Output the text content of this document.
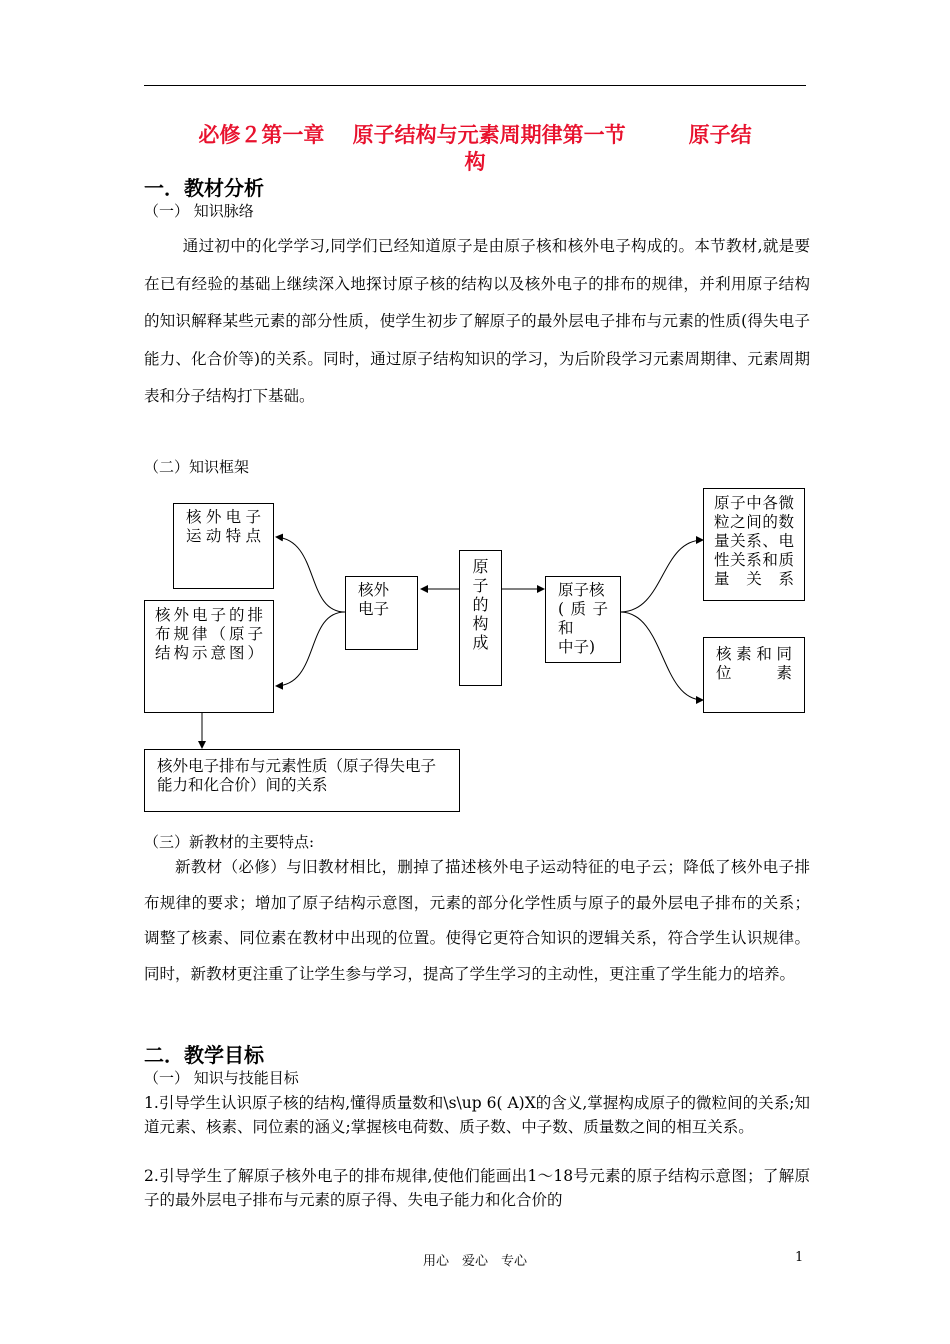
必修２第一章　 原子结构与元素周期律第一节　　　原子结
构
一．教材分析
（一） 知识脉络
通过初中的化学学习,同学们已经知道原子是由原子核和核外电子构成的。本节教材,就是要在已有经验的基础上继续深入地探讨原子核的结构以及核外电子的排布的规律，并利用原子结构的知识解释某些元素的部分性质，使学生初步了解原子的最外层电子排布与元素的性质(得失电子能力、化合价等)的关系。同时，通过原子结构知识的学习，为后阶段学习元素周期律、元素周期表和分子结构打下基础。
（二）知识框架
核外电子运动特点
核外电子的排布规律（原子结构示意图）
核外
电子
原
子
的
构
成
原子核
(质子和
中子)
原子中各微粒之间的数量关系、电性关系和质量关系
核素和同位素
核外电子排布与元素性质（原子得失电子能力和化合价）间的关系
（三）新教材的主要特点:
新教材（必修）与旧教材相比，删掉了描述核外电子运动特征的电子云；降低了核外电子排布规律的要求；增加了原子结构示意图，元素的部分化学性质与原子的最外层电子排布的关系；调整了核素、同位素在教材中出现的位置。使得它更符合知识的逻辑关系，符合学生认识规律。同时，新教材更注重了让学生参与学习，提高了学生学习的主动性，更注重了学生能力的培养。
二．教学目标
（一） 知识与技能目标
1.引导学生认识原子核的结构,懂得质量数和\s\up 6( A)X的含义,掌握构成原子的微粒间的关系;知道元素、核素、同位素的涵义;掌握核电荷数、质子数、中子数、质量数之间的相互关系。
2.引导学生了解原子核外电子的排布规律,使他们能画出1～18号元素的原子结构示意图；了解原子的最外层电子排布与元素的原子得、失电子能力和化合价的
用心　爱心　专心	1
